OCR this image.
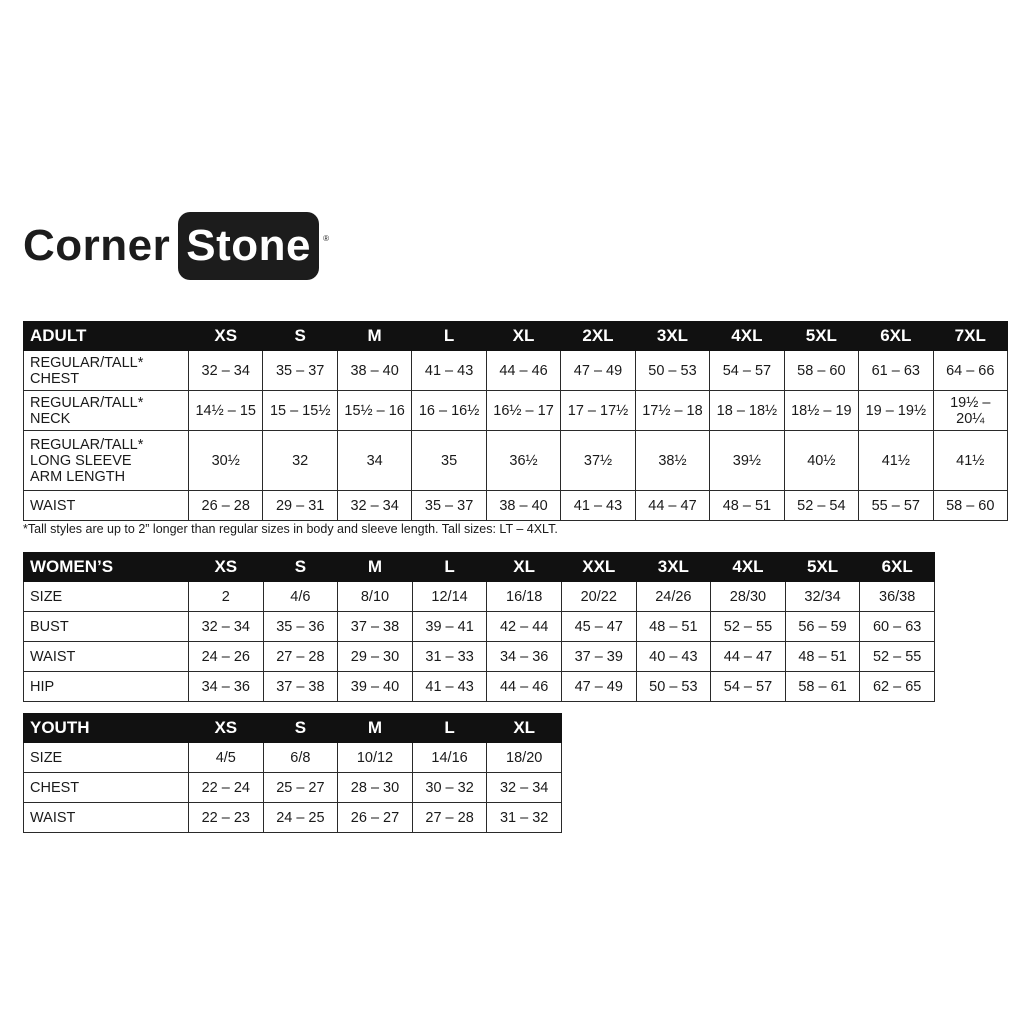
Corner Stone ®
ADULT	XS	S	M	L	XL	2XL	3XL	4XL	5XL	6XL	7XL
REGULAR/TALL*
CHEST	32 – 34	35 – 37	38 – 40	41 – 43	44 – 46	47 – 49	50 – 53	54 – 57	58 – 60	61 – 63	64 – 66
REGULAR/TALL*
NECK	14½ – 15	15 – 15½	15½ – 16	16 – 16½	16½ – 17	17 – 17½	17½ – 18	18 – 18½	18½ – 19	19 – 19½	19½ –
20¼
REGULAR/TALL*
LONG SLEEVE
ARM LENGTH	30½	32	34	35	36½	37½	38½	39½	40½	41½	41½
WAIST	26 – 28	29 – 31	32 – 34	35 – 37	38 – 40	41 – 43	44 – 47	48 – 51	52 – 54	55 – 57	58 – 60
*Tall styles are up to 2” longer than regular sizes in body and sleeve length. Tall sizes: LT – 4XLT.
WOMEN’S	XS	S	M	L	XL	XXL	3XL	4XL	5XL	6XL
SIZE	2	4/6	8/10	12/14	16/18	20/22	24/26	28/30	32/34	36/38
BUST	32 – 34	35 – 36	37 – 38	39 – 41	42 – 44	45 – 47	48 – 51	52 – 55	56 – 59	60 – 63
WAIST	24 – 26	27 – 28	29 – 30	31 – 33	34 – 36	37 – 39	40 – 43	44 – 47	48 – 51	52 – 55
HIP	34 – 36	37 – 38	39 – 40	41 – 43	44 – 46	47 – 49	50 – 53	54 – 57	58 – 61	62 – 65
YOUTH	XS	S	M	L	XL
SIZE	4/5	6/8	10/12	14/16	18/20
CHEST	22 – 24	25 – 27	28 – 30	30 – 32	32 – 34
WAIST	22 – 23	24 – 25	26 – 27	27 – 28	31 – 32
